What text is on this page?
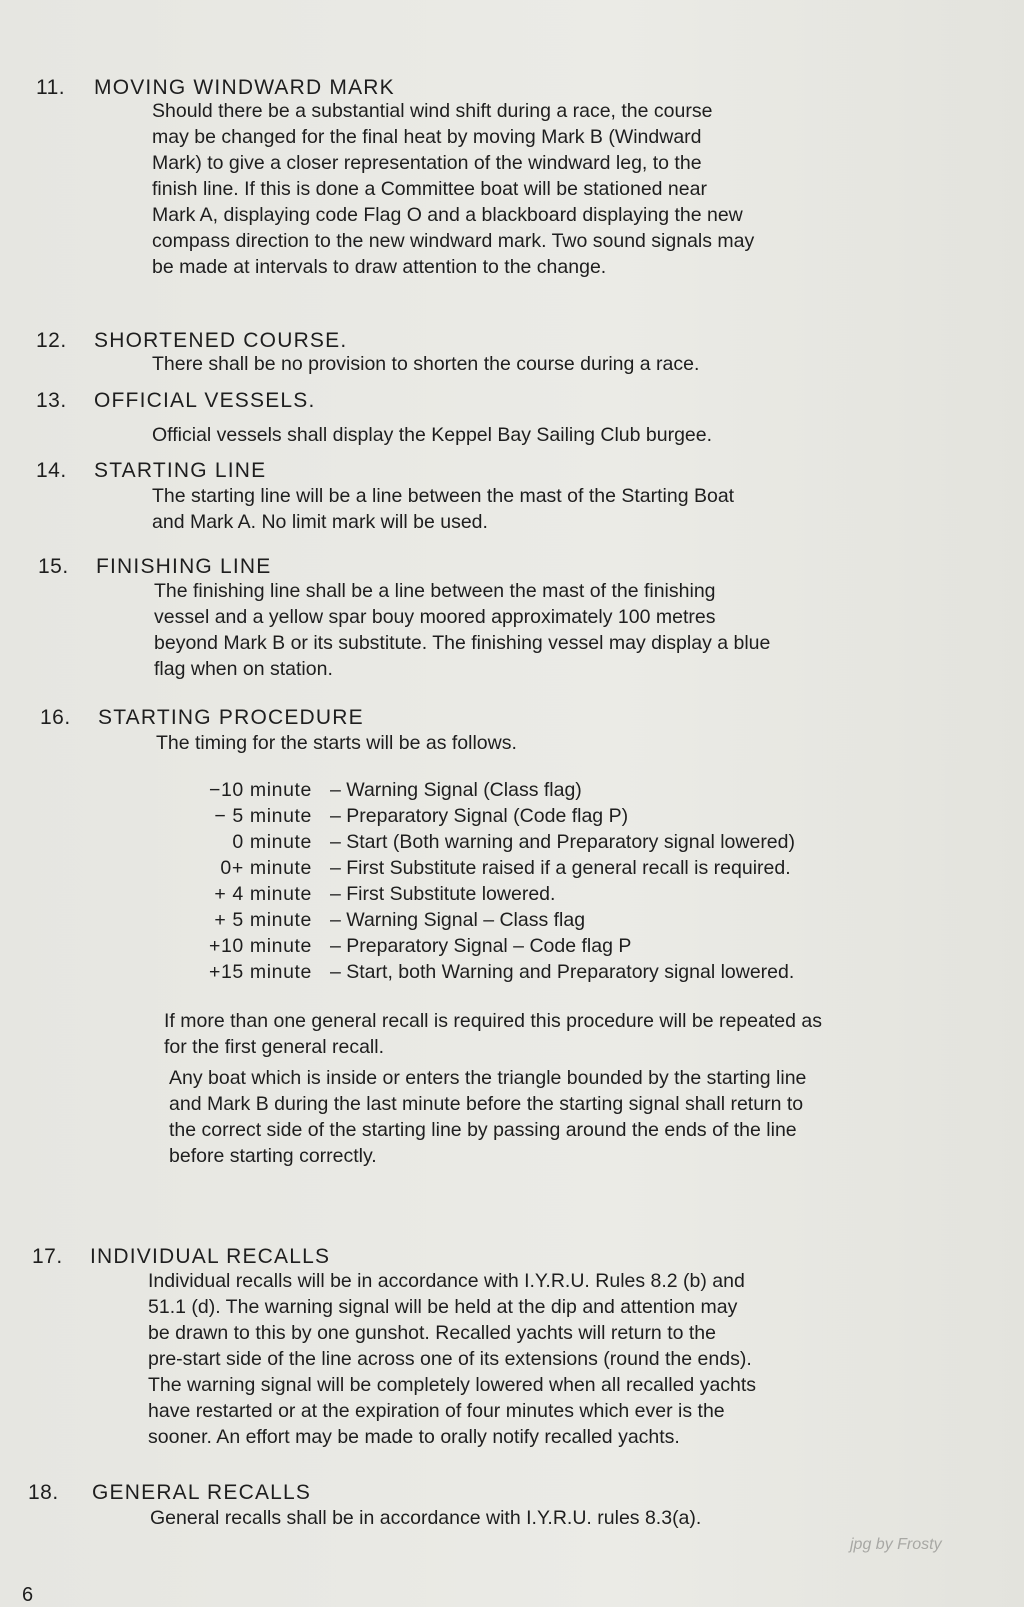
11. MOVING WINDWARD MARK
Should there be a substantial wind shift during a race, the course
may be changed for the final heat by moving Mark B (Windward
Mark) to give a closer representation of the windward leg, to the
finish line. If this is done a Committee boat will be stationed near
Mark A, displaying code Flag O and a blackboard displaying the new
compass direction to the new windward mark. Two sound signals may
be made at intervals to draw attention to the change.
12. SHORTENED COURSE.
There shall be no provision to shorten the course during a race.
13. OFFICIAL VESSELS.
Official vessels shall display the Keppel Bay Sailing Club burgee.
14. STARTING LINE
The starting line will be a line between the mast of the Starting Boat
and Mark A. No limit mark will be used.
15. FINISHING LINE
The finishing line shall be a line between the mast of the finishing
vessel and a yellow spar bouy moored approximately 100 metres
beyond Mark B or its substitute. The finishing vessel may display a blue
flag when on station.
16. STARTING PROCEDURE
The timing for the starts will be as follows.
−10 minute – Warning Signal (Class flag)
− 5 minute – Preparatory Signal (Code flag P)
0 minute – Start (Both warning and Preparatory signal lowered)
0+ minute – First Substitute raised if a general recall is required.
+ 4 minute – First Substitute lowered.
+ 5 minute – Warning Signal – Class flag
+10 minute – Preparatory Signal – Code flag P
+15 minute – Start, both Warning and Preparatory signal lowered.
If more than one general recall is required this procedure will be repeated as
for the first general recall.
Any boat which is inside or enters the triangle bounded by the starting line
and Mark B during the last minute before the starting signal shall return to
the correct side of the starting line by passing around the ends of the line
before starting correctly.
17. INDIVIDUAL RECALLS
Individual recalls will be in accordance with I.Y.R.U. Rules 8.2 (b) and
51.1 (d). The warning signal will be held at the dip and attention may
be drawn to this by one gunshot. Recalled yachts will return to the
pre-start side of the line across one of its extensions (round the ends).
The warning signal will be completely lowered when all recalled yachts
have restarted or at the expiration of four minutes which ever is the
sooner. An effort may be made to orally notify recalled yachts.
18. GENERAL RECALLS
General recalls shall be in accordance with I.Y.R.U. rules 8.3(a).
6
jpg by Frosty
